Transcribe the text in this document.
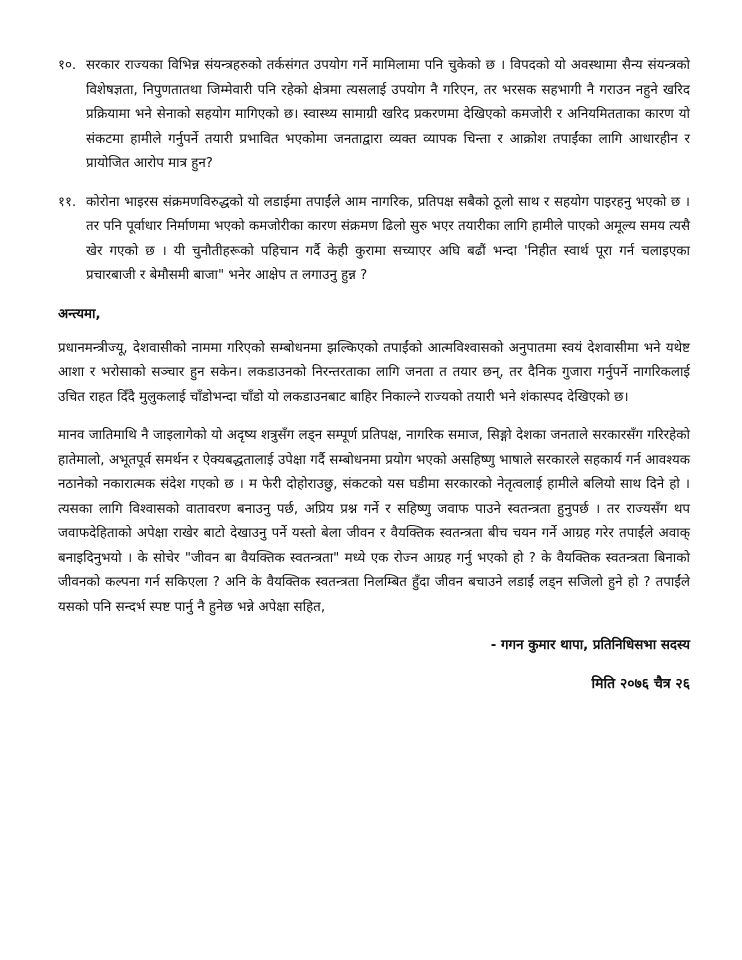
१०. सरकार राज्यका विभिन्न संयन्त्रहरुको तर्कसंगत उपयोग गर्ने मामिलामा पनि चुकेको छ । विपदको यो अवस्थामा सैन्य संयन्त्रको विशेषज्ञता, निपुणतातथा जिम्मेवारी पनि रहेको क्षेत्रमा त्यसलाई उपयोग नै गरिएन, तर भरसक सहभागी नै गराउन नहुने खरिद प्रक्रियामा भने सेनाको सहयोग मागिएको छ। स्वास्थ्य सामाग्री खरिद प्रकरणमा देखिएको कमजोरी र अनियमितताका कारण यो संकटमा हामीले गर्नुपर्ने तयारी प्रभावित भएकोमा जनताद्वारा व्यक्त व्यापक चिन्ता र आक्रोश तपाईंका लागि आधारहीन र प्रायोजित आरोप मात्र हुन?
११. कोरोना भाइरस संक्रमणविरुद्धको यो लडाईमा तपाईंले आम नागरिक, प्रतिपक्ष सबैको ठूलो साथ र सहयोग पाइरहनु भएको छ । तर पनि पूर्वाधार निर्माणमा भएको कमजोरीका कारण संक्रमण ढिलो सुरु भएर तयारीका लागि हामीले पाएको अमूल्य समय त्यसै खेर गएको छ । यी चुनौतीहरूको पहिचान गर्दै केही कुरामा सच्याएर अघि बढौं भन्दा 'निहीत स्वार्थ पूरा गर्न चलाइएका प्रचारबाजी र बेमौसमी बाजा" भनेर आक्षेप त लगाउनु हुन्न ?
अन्त्यमा,

प्रधानमन्त्रीज्यू, देशवासीको नाममा गरिएको सम्बोधनमा झल्किएको तपाईंको आत्मविश्वासको अनुपातमा स्वयं देशवासीमा भने यथेष्ट आशा र भरोसाको सञ्चार हुन सकेन। लकडाउनको निरन्तरताका लागि जनता त तयार छन्, तर दैनिक गुजारा गर्नुपर्ने नागरिकलाई उचित राहत दिँदै मुलुकलाई चाँडोभन्दा चाँडो यो लकडाउनबाट बाहिर निकाल्ने राज्यको तयारी भने शंकास्पद देखिएको छ।

मानव जातिमाथि नै जाइलागेको यो अदृष्य शत्रुसँग लड्न सम्पूर्ण प्रतिपक्ष, नागरिक समाज, सिङ्गो देशका जनताले सरकारसँग गरिरहेको हातेमालो, अभूतपूर्व समर्थन र ऐक्यबद्धतालाई उपेक्षा गर्दै सम्बोधनमा प्रयोग भएको असहिष्णु भाषाले सरकारले सहकार्य गर्न आवश्यक नठानेको नकारात्मक संदेश गएको छ । म फेरी दोहोराउछु, संकटको यस घडीमा सरकारको नेतृत्वलाई हामीले बलियो साथ दिने हो । त्यसका लागि विश्वासको वातावरण बनाउनु पर्छ, अप्रिय प्रश्न गर्ने र सहिष्णु जवाफ पाउने स्वतन्त्रता हुनुपर्छ । तर राज्यसँग थप जवाफदेहिताको अपेक्षा राखेर बाटो देखाउनु पर्ने यस्तो बेला जीवन र वैयक्तिक स्वतन्त्रता बीच चयन गर्ने आग्रह गरेर तपाईंले अवाक् बनाइदिनुभयो । के सोचेर "जीवन बा वैयक्तिक स्वतन्त्रता" मध्ये एक रोज्न आग्रह गर्नु भएको हो ? के वैयक्तिक स्वतन्त्रता बिनाको जीवनको कल्पना गर्न सकिएला ? अनि के वैयक्तिक स्वतन्त्रता निलम्बित हुँदा जीवन बचाउने लडाईं लड्न सजिलो हुने हो ? तपाईंले यसको पनि सन्दर्भ स्पष्ट पार्नु नै हुनेछ भन्ने अपेक्षा सहित,

- गगन कुमार थापा, प्रतिनिधिसभा सदस्य
मिति २०७६ चैत्र २६
